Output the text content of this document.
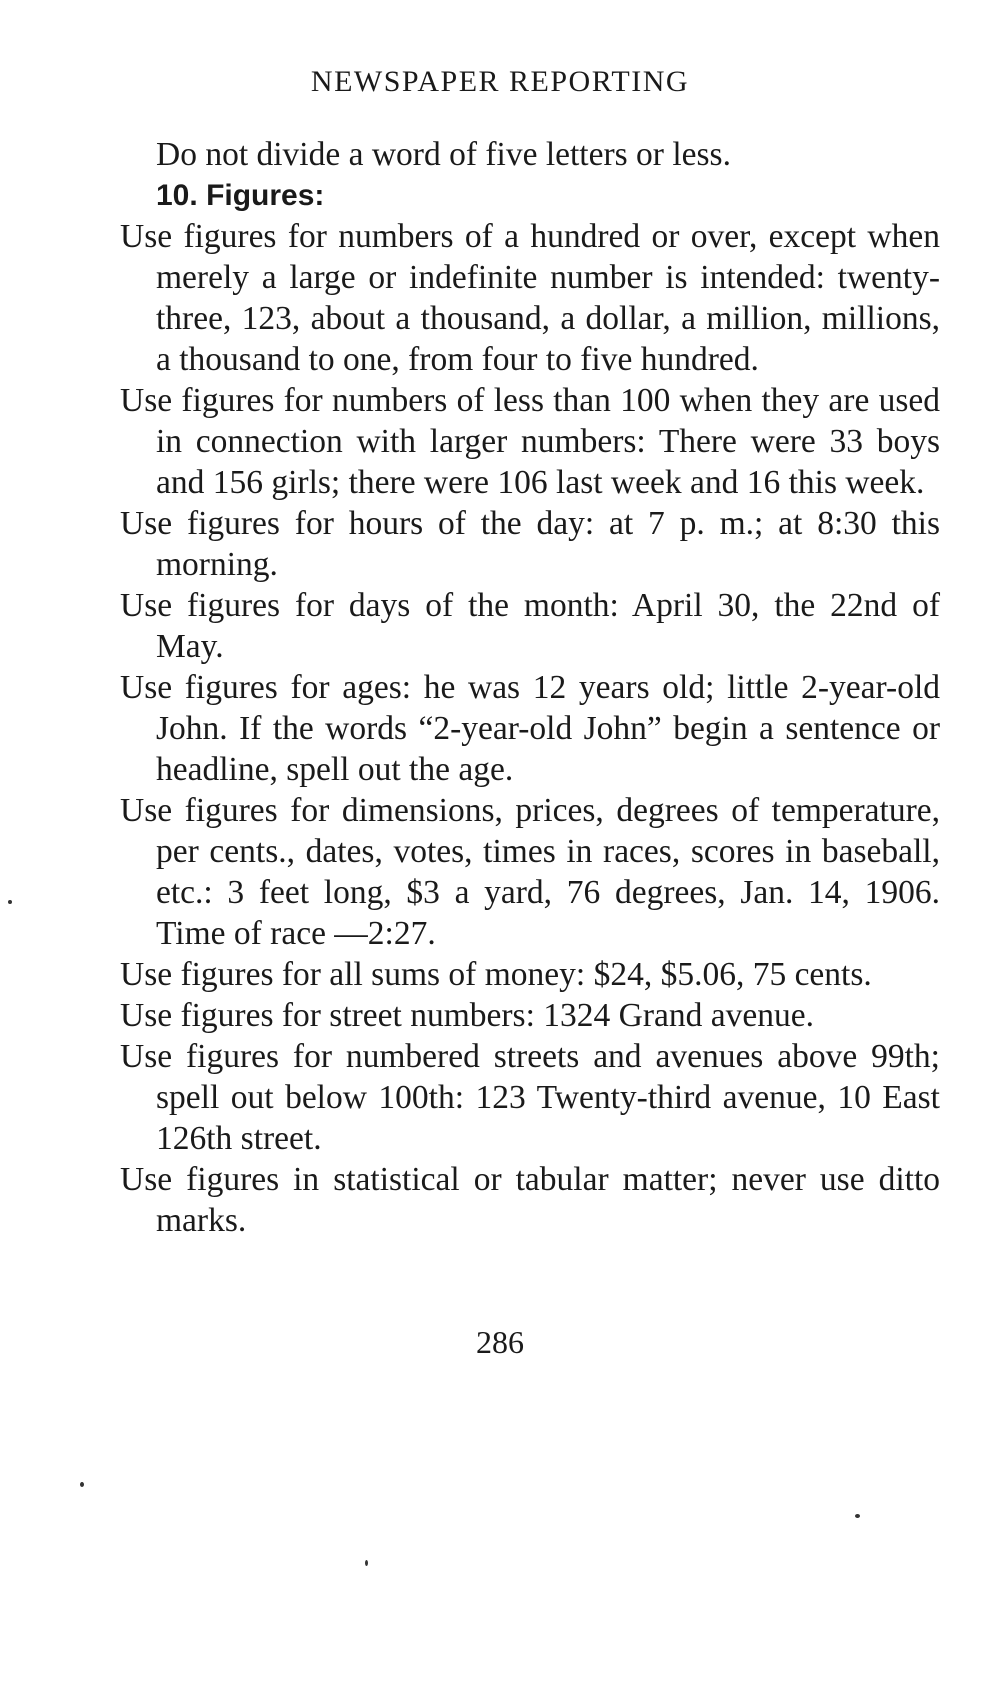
NEWSPAPER REPORTING

Do not divide a word of five letters or less.

10. Figures:

Use figures for numbers of a hundred or over, except when merely a large or indefinite number is intended: twenty-three, 123, about a thousand, a dollar, a million, millions, a thousand to one, from four to five hundred.

Use figures for numbers of less than 100 when they are used in connection with larger numbers: There were 33 boys and 156 girls; there were 106 last week and 16 this week.

Use figures for hours of the day: at 7 p. m.; at 8:30 this morning.

Use figures for days of the month: April 30, the 22nd of May.

Use figures for ages: he was 12 years old; little 2-year-old John. If the words “2-year-old John” begin a sentence or headline, spell out the age.

Use figures for dimensions, prices, degrees of temperature, per cents., dates, votes, times in races, scores in baseball, etc.: 3 feet long, $3 a yard, 76 degrees, Jan. 14, 1906. Time of race —2:27.

Use figures for all sums of money: $24, $5.06, 75 cents.

Use figures for street numbers: 1324 Grand avenue.

Use figures for numbered streets and avenues above 99th; spell out below 100th: 123 Twenty-third avenue, 10 East 126th street.

Use figures in statistical or tabular matter; never use ditto marks.

286
